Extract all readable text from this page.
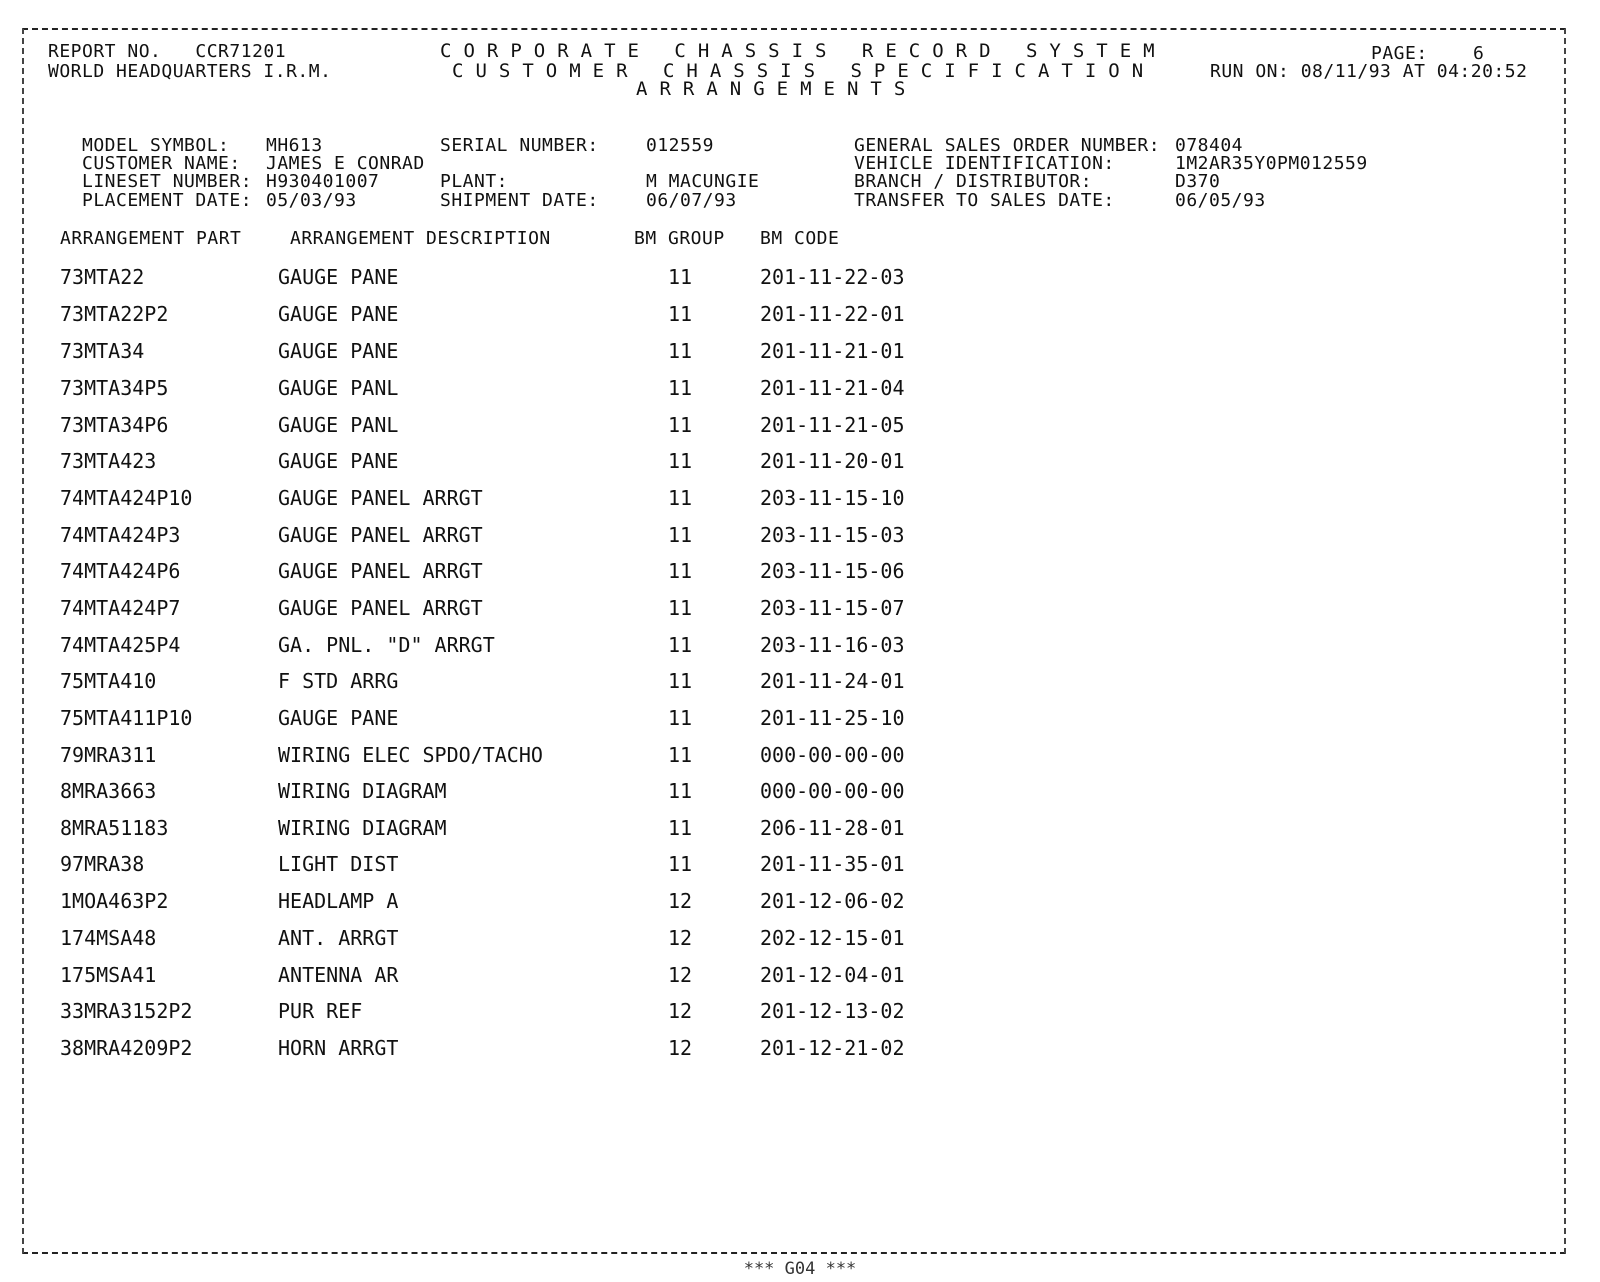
REPORT NO.   CCR71201
WORLD HEADQUARTERS I.R.M.
CORPORATE CHASSIS RECORD SYSTEM
CUSTOMER CHASSIS SPECIFICATION
ARRANGEMENTS
PAGE:    6
RUN ON: 08/11/93 AT 04:20:52
MODEL SYMBOL: MH613
CUSTOMER NAME: JAMES E CONRAD
LINESET NUMBER: H930401007
PLACEMENT DATE: 05/03/93
SERIAL NUMBER:	012559
PLANT:	M MACUNGIE
SHIPMENT DATE:	06/07/93
GENERAL SALES ORDER NUMBER: 078404
VEHICLE IDENTIFICATION:	1M2AR35Y0PM012559
BRANCH / DISTRIBUTOR:	D370
TRANSFER TO SALES DATE:	06/05/93
ARRANGEMENT PART	ARRANGEMENT DESCRIPTION	BM GROUP BM CODE
73MTA22	GAUGE PANE	11	201-11-22-03
73MTA22P2	GAUGE PANE	11	201-11-22-01
73MTA34	GAUGE PANE	11	201-11-21-01
73MTA34P5	GAUGE PANL	11	201-11-21-04
73MTA34P6	GAUGE PANL	11	201-11-21-05
73MTA423	GAUGE PANE	11	201-11-20-01
74MTA424P10	GAUGE PANEL ARRGT	11	203-11-15-10
74MTA424P3	GAUGE PANEL ARRGT	11	203-11-15-03
74MTA424P6	GAUGE PANEL ARRGT	11	203-11-15-06
74MTA424P7	GAUGE PANEL ARRGT	11	203-11-15-07
74MTA425P4	GA. PNL. "D" ARRGT	11	203-11-16-03
75MTA410	F STD ARRG	11	201-11-24-01
75MTA411P10	GAUGE PANE	11	201-11-25-10
79MRA311	WIRING ELEC SPDO/TACHO	11	000-00-00-00
8MRA3663	WIRING DIAGRAM	11	000-00-00-00
8MRA51183	WIRING DIAGRAM	11	206-11-28-01
97MRA38	LIGHT DIST	11	201-11-35-01
1MOA463P2	HEADLAMP A	12	201-12-06-02
174MSA48	ANT. ARRGT	12	202-12-15-01
175MSA41	ANTENNA AR	12	201-12-04-01
33MRA3152P2	PUR REF	12	201-12-13-02
38MRA4209P2	HORN ARRGT	12	201-12-21-02
*** G04 ***
